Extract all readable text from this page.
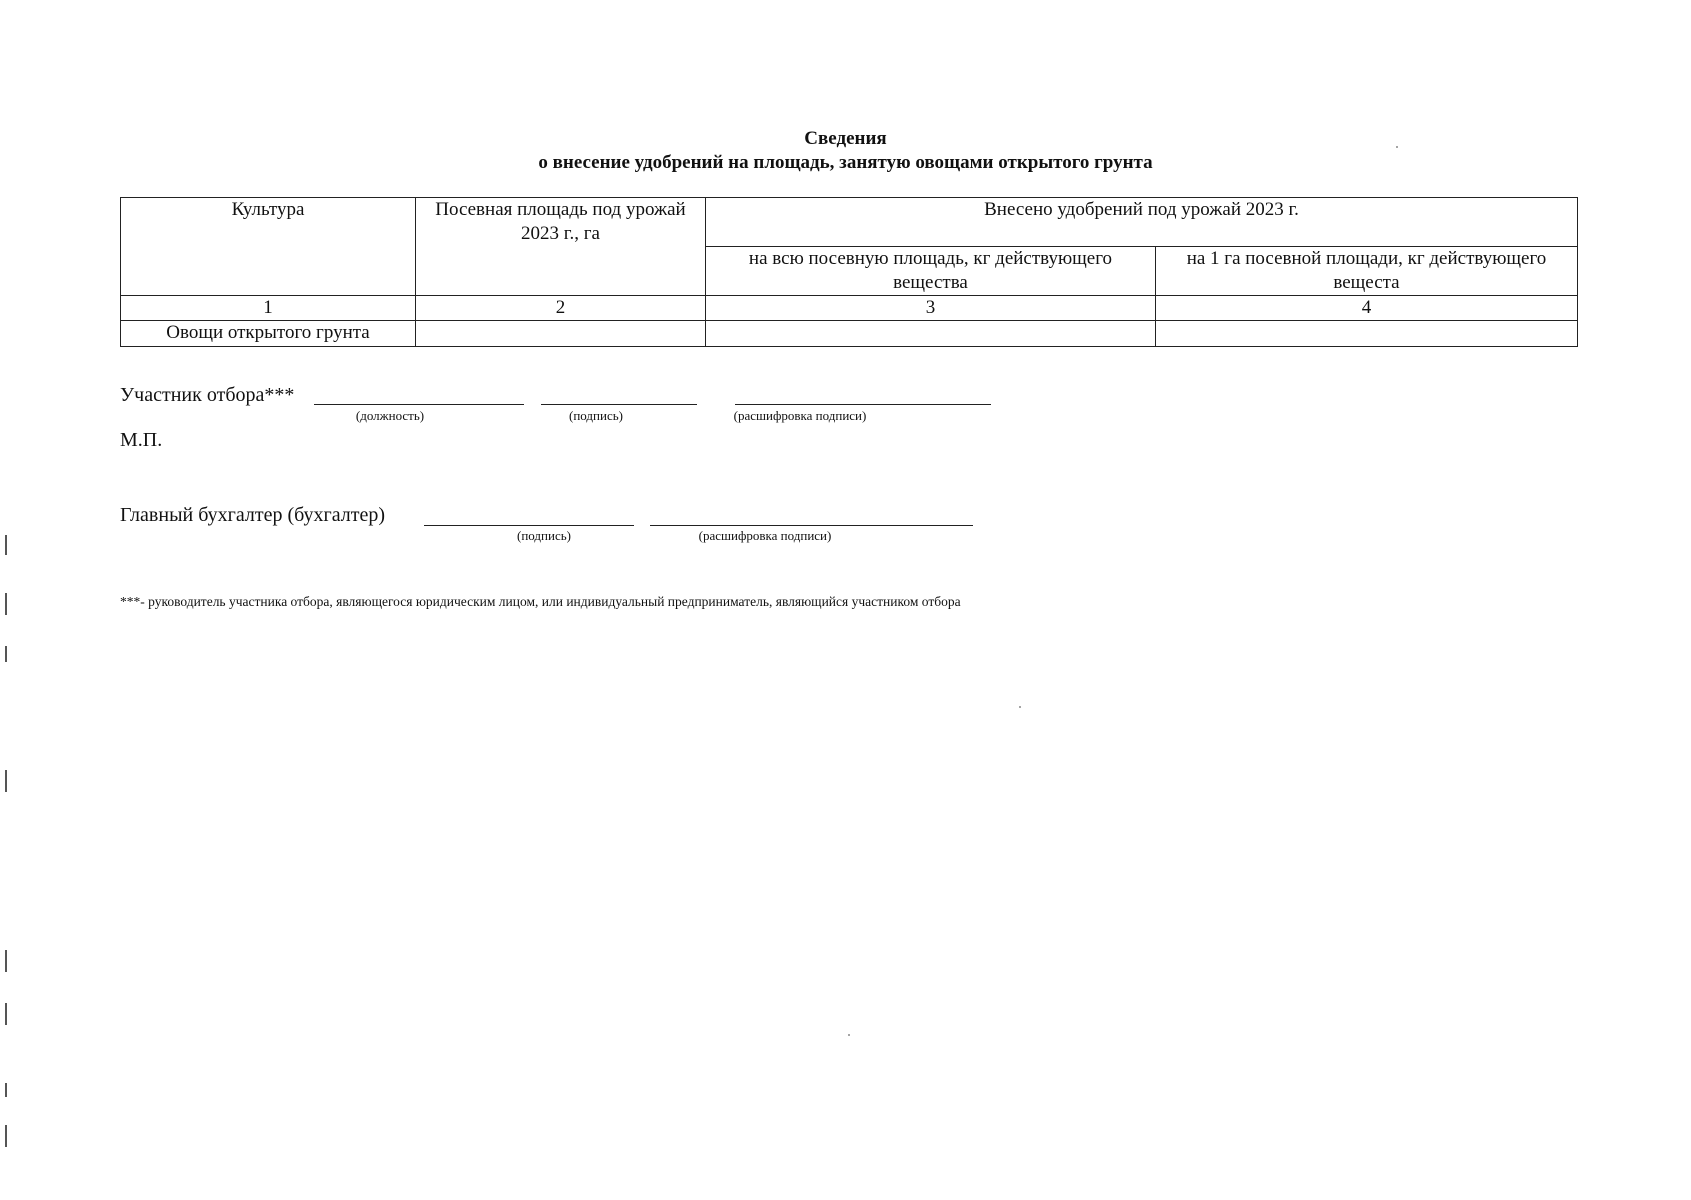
Сведения
о внесение удобрений на площадь, занятую овощами открытого грунта
Культура	Посевная площадь под урожай 2023 г., га	Внесено удобрений под урожай 2023 г.	
		на всю посевную площадь, кг действующего вещества	на 1 га посевной площади, кг действующего вещеста
1	2	3	4
Овощи открытого грунта			
Участник отбора***
(должность)	(подпись)	(расшифровка подписи)
М.П.
Главный бухгалтер (бухгалтер)
(подпись)	(расшифровка подписи)
***- руководитель участника отбора, являющегося юридическим лицом, или индивидуальный предприниматель, являющийся участником отбора
